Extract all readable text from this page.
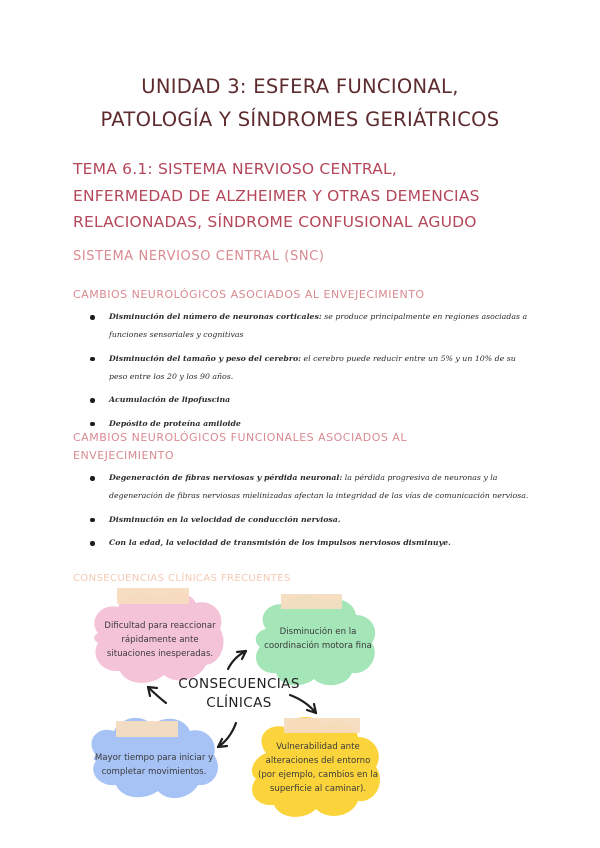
UNIDAD 3: ESFERA FUNCIONAL,
PATOLOGÍA Y SÍNDROMES GERIÁTRICOS
TEMA 6.1: SISTEMA NERVIOSO CENTRAL,
ENFERMEDAD DE ALZHEIMER Y OTRAS DEMENCIAS
RELACIONADAS, SÍNDROME CONFUSIONAL AGUDO
SISTEMA NERVIOSO CENTRAL (SNC)
CAMBIOS NEUROLÓGICOS ASOCIADOS AL ENVEJECIMIENTO
Disminución del número de neuronas corticales: se produce principalmente en regiones asociadas a funciones sensoriales y cognitivas
Disminución del tamaño y peso del cerebro: el cerebro puede reducir entre un 5% y un 10% de su peso entre los 20 y los 90 años.
Acumulación de lipofuscina
Depósito de proteína amiloide
CAMBIOS NEUROLÓGICOS FUNCIONALES ASOCIADOS AL
ENVEJECIMIENTO
Degeneración de fibras nerviosas y pérdida neuronal: la pérdida progresiva de neuronas y la degeneración de fibras nerviosas mielinizadas afectan la integridad de las vías de comunicación nerviosa.
Disminución en la velocidad de conducción nerviosa.
Con la edad, la velocidad de transmisión de los impulsos nerviosos disminuye.
CONSECUENCIAS CLÍNICAS FRECUENTES
Dificultad para reaccionar
rápidamente ante
situaciones inesperadas.
Disminución en la
coordinación motora fina
Mayor tiempo para iniciar y
completar movimientos.
Vulnerabilidad ante
alteraciones del entorno
(por ejemplo, cambios en la
superficie al caminar).
CONSECUENCIAS
CLÍNICAS
